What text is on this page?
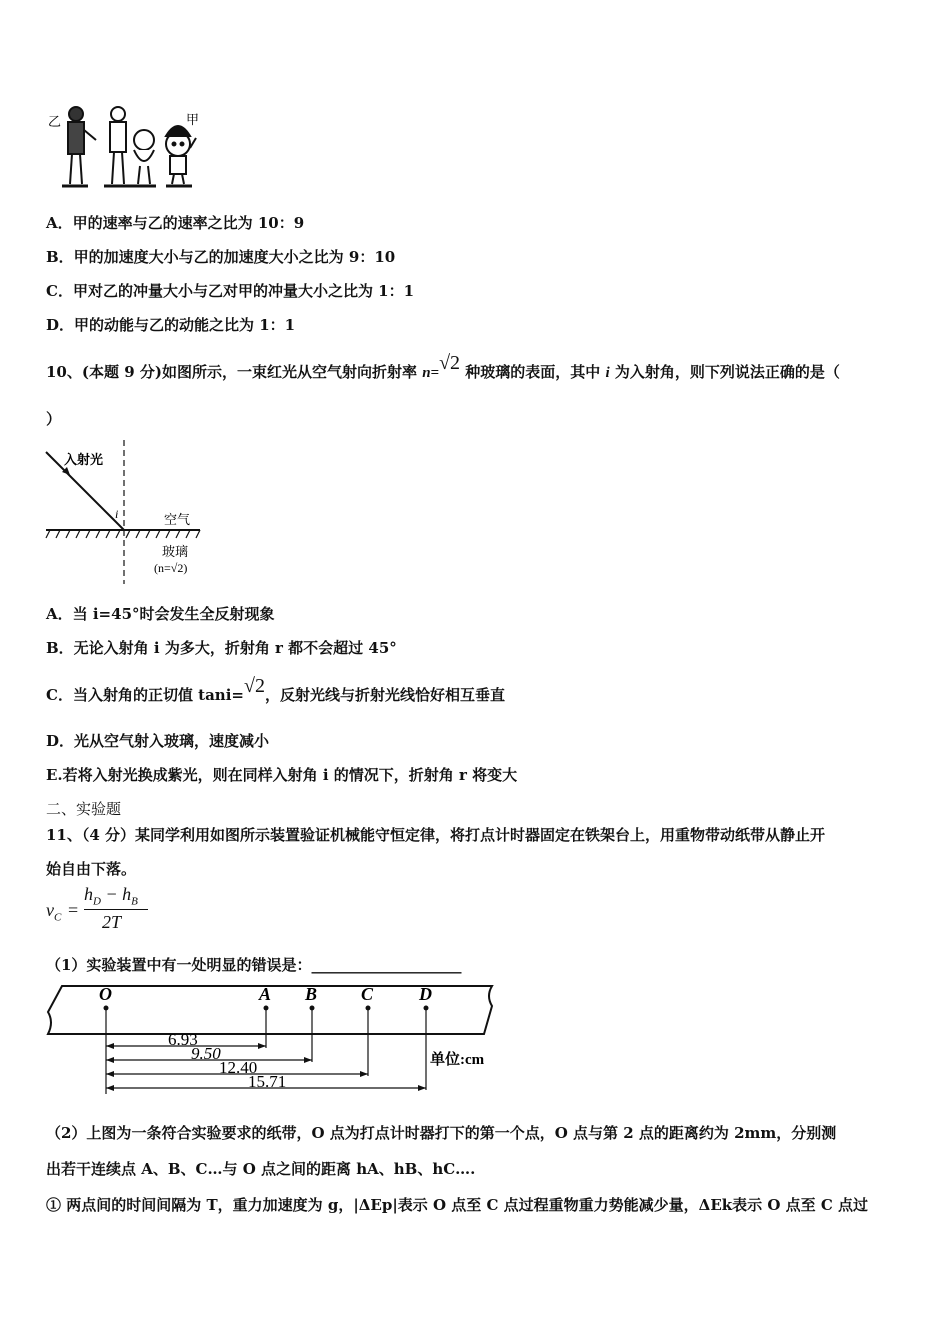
乙	甲
A．甲的速率与乙的速率之比为 10：9
B．甲的加速度大小与乙的加速度大小之比为 9：10
C．甲对乙的冲量大小与乙对甲的冲量大小之比为 1：1
D．甲的动能与乙的动能之比为 1：1
10、(本题 9 分)如图所示，一束红光从空气射向折射率 n=√2 种玻璃的表面，其中 i 为入射角，则下列说法正确的是（
）
入射光
i	空气
玻璃
(n=√2)
A．当 i=45°时会发生全反射现象
B．无论入射角 i 为多大，折射角 r 都不会超过 45°
C．当入射角的正切值 tani=√2，反射光线与折射光线恰好相互垂直
D．光从空气射入玻璃，速度减小
E.若将入射光换成紫光，则在同样入射角 i 的情况下，折射角 r 将变大
二、实验题
11、（4 分）某同学利用如图所示装置验证机械能守恒定律，将打点计时器固定在铁架台上，用重物带动纸带从静止开
始自由下落。
$v_C$ =
$h_D - h_B$
2T
（1）实验装置中有一处明显的错误是：____________________
O	A B C	D
6.93
9.50
12.40
15.71
单位:cm
（2）上图为一条符合实验要求的纸带，O 点为打点计时器打下的第一个点，O 点与第 2 点的距离约为 2mm，分别测
出若干连续点 A、B、C…与 O 点之间的距离 hA、hB、hC….
① 两点间的时间间隔为 T，重力加速度为 g，|ΔEp|表示 O 点至 C 点过程重物重力势能减少量，ΔEk表示 O 点至 C 点过
